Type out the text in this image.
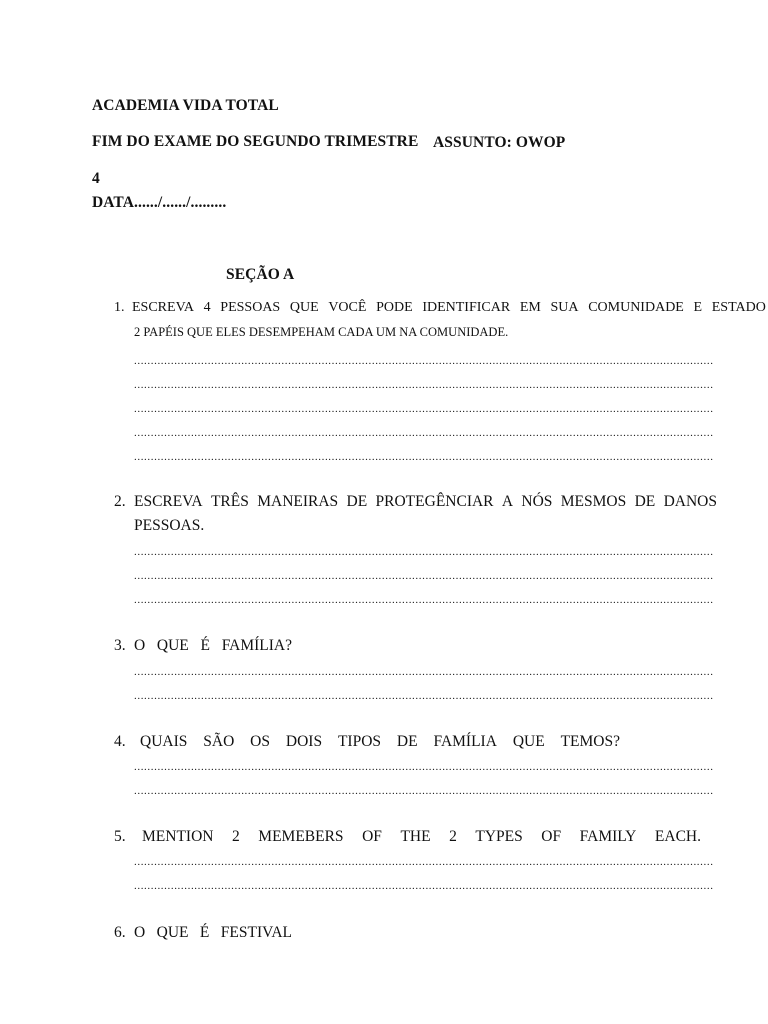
ACADEMIA VIDA TOTAL
FIM DO EXAME DO SEGUNDO TRIMESTRE ASSUNTO: OWOP
4
DATA....../....../.........
SEÇÃO A
1. ESCREVA 4 PESSOAS QUE VOCÊ PODE IDENTIFICAR EM SUA COMUNIDADE E ESTADO
2 PAPÉIS QUE ELES DESEMPEHAM CADA UM NA COMUNIDADE.
.............................................................................................................................................................................
.............................................................................................................................................................................
.............................................................................................................................................................................
.............................................................................................................................................................................
.............................................................................................................................................................................
2. ESCREVA TRÊS MANEIRAS DE PROTEGÊNCIAR A NÓS MESMOS DE DANOS
PESSOAS.
.............................................................................................................................................................................
.............................................................................................................................................................................
.............................................................................................................................................................................
3. O QUE É FAMÍLIA?
.............................................................................................................................................................................
.............................................................................................................................................................................
4. QUAIS SÃO OS DOIS TIPOS DE FAMÍLIA QUE TEMOS?
.............................................................................................................................................................................
.............................................................................................................................................................................
5. MENTION 2 MEMEBERS OF THE 2 TYPES OF FAMILY EACH.
.............................................................................................................................................................................
.............................................................................................................................................................................
6. O QUE É FESTIVAL
